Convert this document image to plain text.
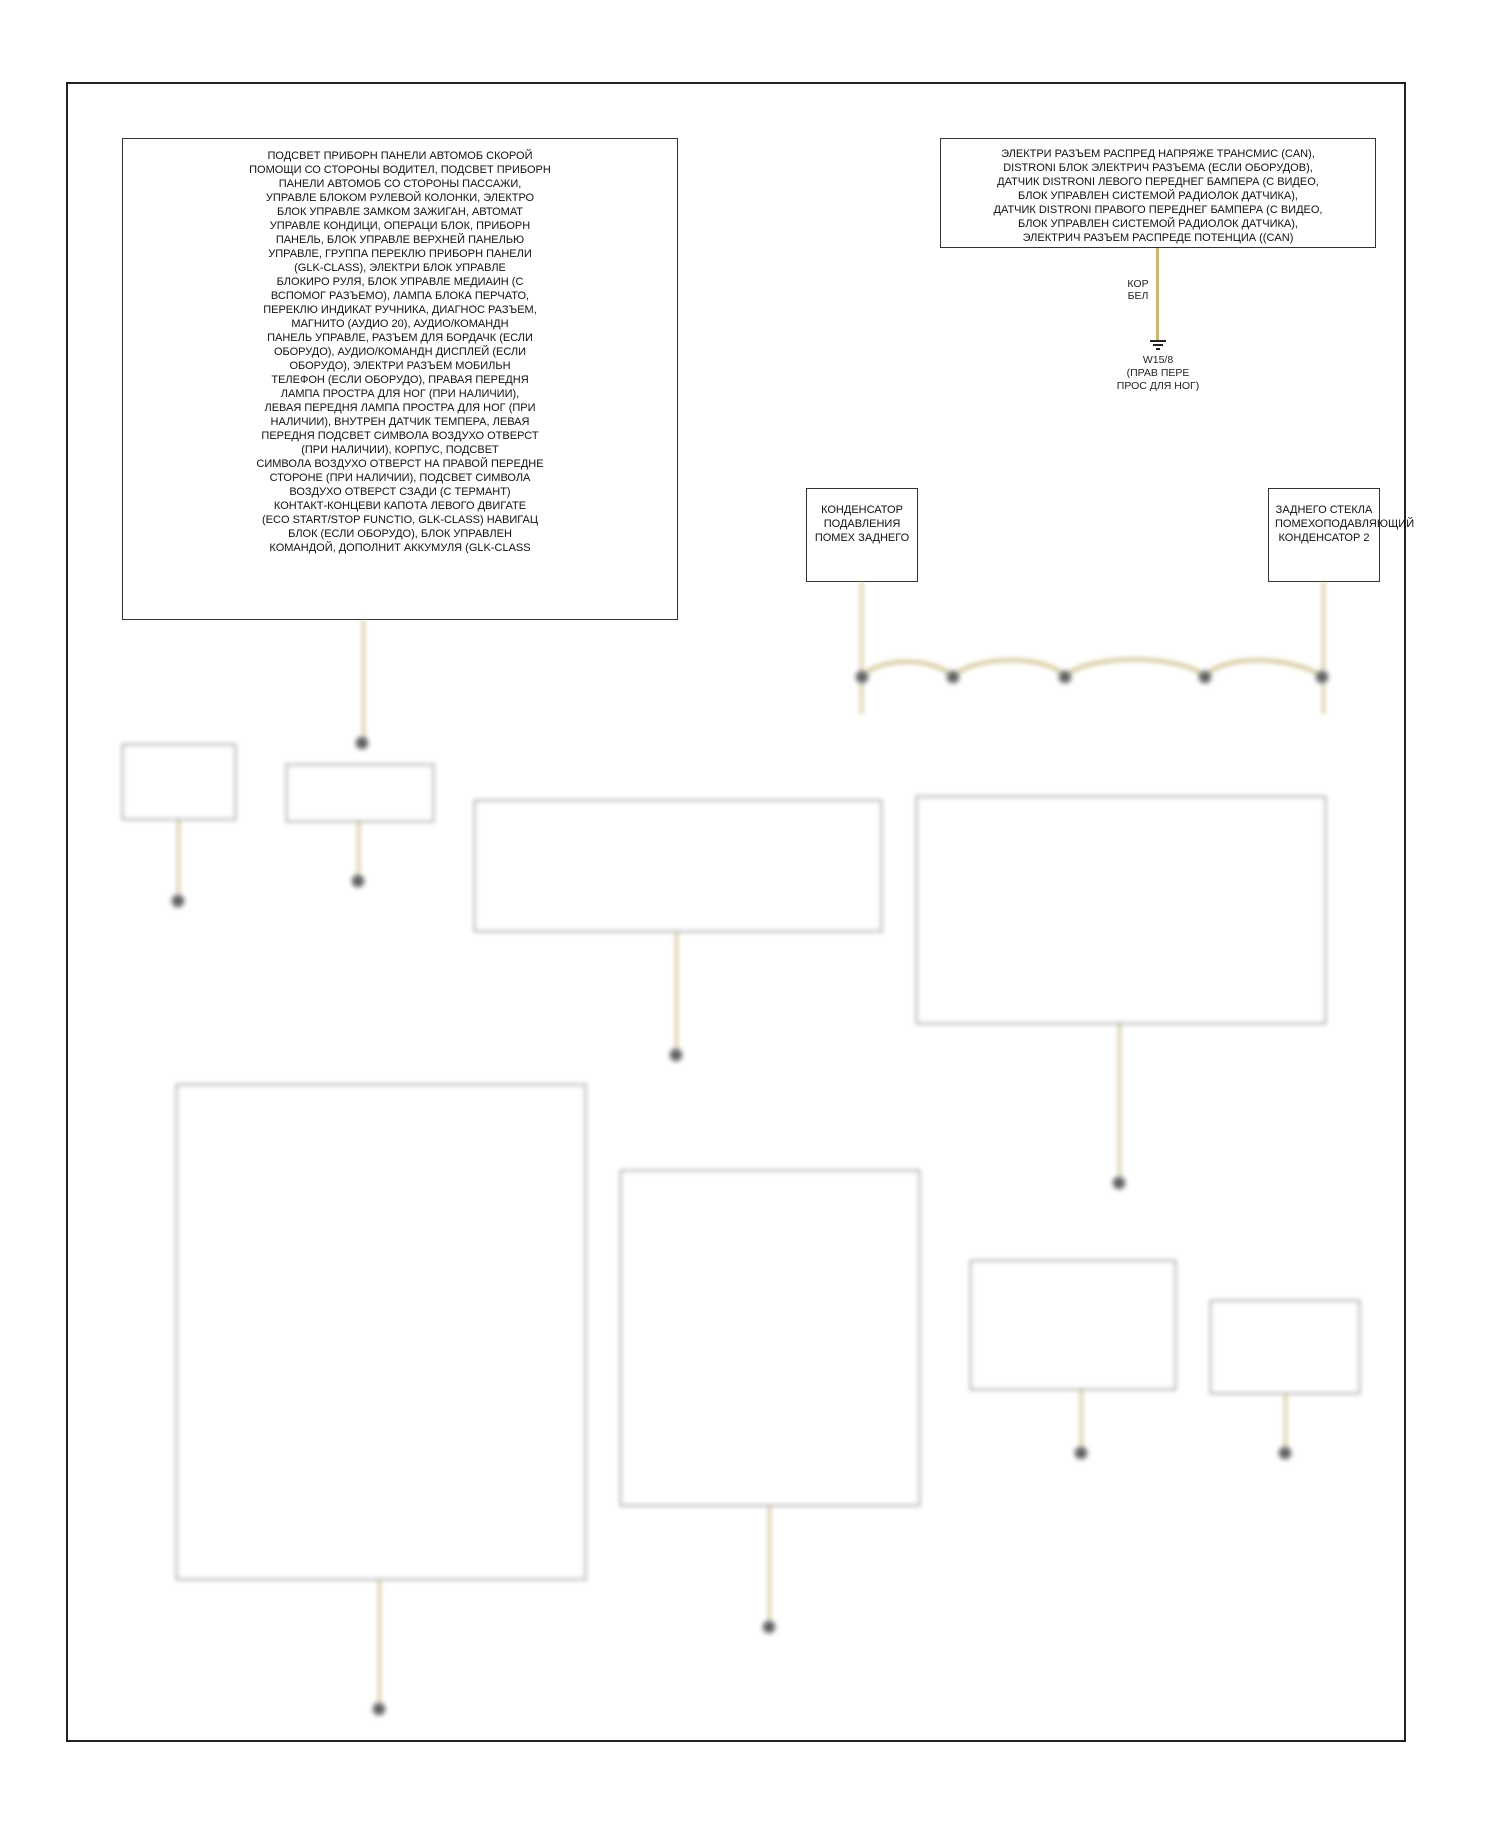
ПОДСВЕТ ПРИБОРН ПАНЕЛИ АВТОМОБ СКОРОЙ
ПОМОЩИ СО СТОРОНЫ ВОДИТЕЛ, ПОДСВЕТ ПРИБОРН
ПАНЕЛИ АВТОМОБ СО СТОРОНЫ ПАССАЖИ,
УПРАВЛЕ БЛОКОМ РУЛЕВОЙ КОЛОНКИ, ЭЛЕКТРО
БЛОК УПРАВЛЕ ЗАМКОМ ЗАЖИГАН, АВТОМАТ
УПРАВЛЕ КОНДИЦИ, ОПЕРАЦИ БЛОК, ПРИБОРН
ПАНЕЛЬ, БЛОК УПРАВЛЕ ВЕРХНЕЙ ПАНЕЛЬЮ
УПРАВЛЕ, ГРУППА ПЕРЕКЛЮ ПРИБОРН ПАНЕЛИ
(GLK-CLASS), ЭЛЕКТРИ БЛОК УПРАВЛЕ
БЛОКИРО РУЛЯ, БЛОК УПРАВЛЕ МЕДИАИН (С
ВСПОМОГ РАЗЪЕМО), ЛАМПА БЛОКА ПЕРЧАТО,
ПЕРЕКЛЮ ИНДИКАТ РУЧНИКА, ДИАГНОС РАЗЪЕМ,
МАГНИТО (АУДИО 20), АУДИО/КОМАНДН
ПАНЕЛЬ УПРАВЛЕ, РАЗЪЕМ ДЛЯ БОРДАЧК (ЕСЛИ
ОБОРУДО), АУДИО/КОМАНДН ДИСПЛЕЙ (ЕСЛИ
ОБОРУДО), ЭЛЕКТРИ РАЗЪЕМ МОБИЛЬН
ТЕЛЕФОН (ЕСЛИ ОБОРУДО), ПРАВАЯ ПЕРЕДНЯ
ЛАМПА ПРОСТРА ДЛЯ НОГ (ПРИ НАЛИЧИИ),
ЛЕВАЯ ПЕРЕДНЯ ЛАМПА ПРОСТРА ДЛЯ НОГ (ПРИ
НАЛИЧИИ), ВНУТРЕН ДАТЧИК ТЕМПЕРА, ЛЕВАЯ
ПЕРЕДНЯ ПОДСВЕТ СИМВОЛА ВОЗДУХО ОТВЕРСТ
(ПРИ НАЛИЧИИ), КОРПУС, ПОДСВЕТ
СИМВОЛА ВОЗДУХО ОТВЕРСТ НА ПРАВОЙ ПЕРЕДНЕ
СТОРОНЕ (ПРИ НАЛИЧИИ), ПОДСВЕТ СИМВОЛА
ВОЗДУХО ОТВЕРСТ СЗАДИ (С ТЕРМАНТ)
КОНТАКТ-КОНЦЕВИ КАПОТА ЛЕВОГО ДВИГАТЕ
(ECO START/STOP FUNCTIO, GLK-CLASS) НАВИГАЦ
БЛОК (ЕСЛИ ОБОРУДО), БЛОК УПРАВЛЕН
КОМАНДОЙ, ДОПОЛНИТ АККУМУЛЯ (GLK-CLASS
ЭЛЕКТРИ РАЗЪЕМ РАСПРЕД НАПРЯЖЕ ТРАНСМИС (CAN),
DISTRONI БЛОК ЭЛЕКТРИЧ РАЗЪЕМА (ЕСЛИ ОБОРУДОВ),
ДАТЧИК DISTRONI ЛЕВОГО ПЕРЕДНЕГ БАМПЕРА (С ВИДЕО,
БЛОК УПРАВЛЕН СИСТЕМОЙ РАДИОЛОК ДАТЧИКА),
ДАТЧИК DISTRONI ПРАВОГО ПЕРЕДНЕГ БАМПЕРА (С ВИДЕО,
БЛОК УПРАВЛЕН СИСТЕМОЙ РАДИОЛОК ДАТЧИКА),
ЭЛЕКТРИЧ РАЗЪЕМ РАСПРЕДЕ ПОТЕНЦИА ((CAN)
КОР
БЕЛ
W15/8
(ПРАВ ПЕРЕ
ПРОС ДЛЯ НОГ)
КОНДЕНСАТОР
ПОДАВЛЕНИЯ
ПОМЕХ ЗАДНЕГО
ЗАДНЕГО СТЕКЛА
ПОМЕХОПОДАВЛЯЮЩИЙ
КОНДЕНСАТОР 2
